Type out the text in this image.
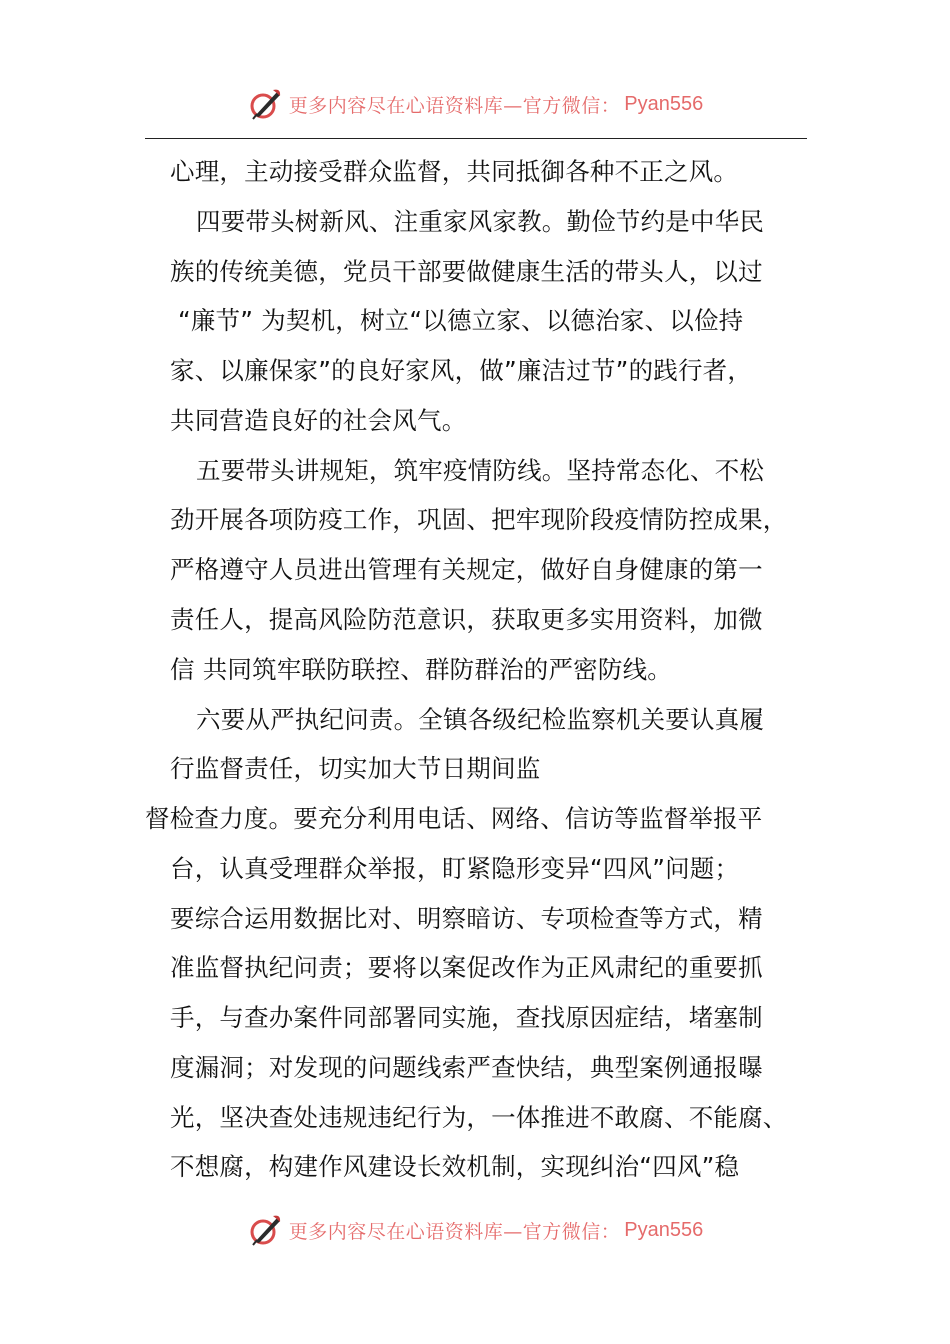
更多内容尽在心语资料库—官方微信： Pyan556
心理，主动接受群众监督，共同抵御各种不正之风。
四要带头树新风、注重家风家教。勤俭节约是中华民
族的传统美德，党员干部要做健康生活的带头人，以过
“廉节” 为契机，树立“以德立家、以德治家、以俭持
家、以廉保家”的良好家风，做”廉洁过节”的践行者，
共同营造良好的社会风气。
五要带头讲规矩，筑牢疫情防线。坚持常态化、不松
劲开展各项防疫工作，巩固、把牢现阶段疫情防控成果，
严格遵守人员进出管理有关规定，做好自身健康的第一
责任人，提高风险防范意识，获取更多实用资料，加微
信 共同筑牢联防联控、群防群治的严密防线。
六要从严执纪问责。全镇各级纪检监察机关要认真履
行监督责任，切实加大节日期间监
督检查力度。要充分利用电话、网络、信访等监督举报平
台，认真受理群众举报，盯紧隐形变异“四风”问题；
要综合运用数据比对、明察暗访、专项检查等方式，精
准监督执纪问责；要将以案促改作为正风肃纪的重要抓
手，与查办案件同部署同实施，查找原因症结，堵塞制
度漏洞；对发现的问题线索严查快结，典型案例通报曝
光，坚决查处违规违纪行为，一体推进不敢腐、不能腐、
不想腐，构建作风建设长效机制，实现纠治“四风”稳
更多内容尽在心语资料库—官方微信： Pyan556
